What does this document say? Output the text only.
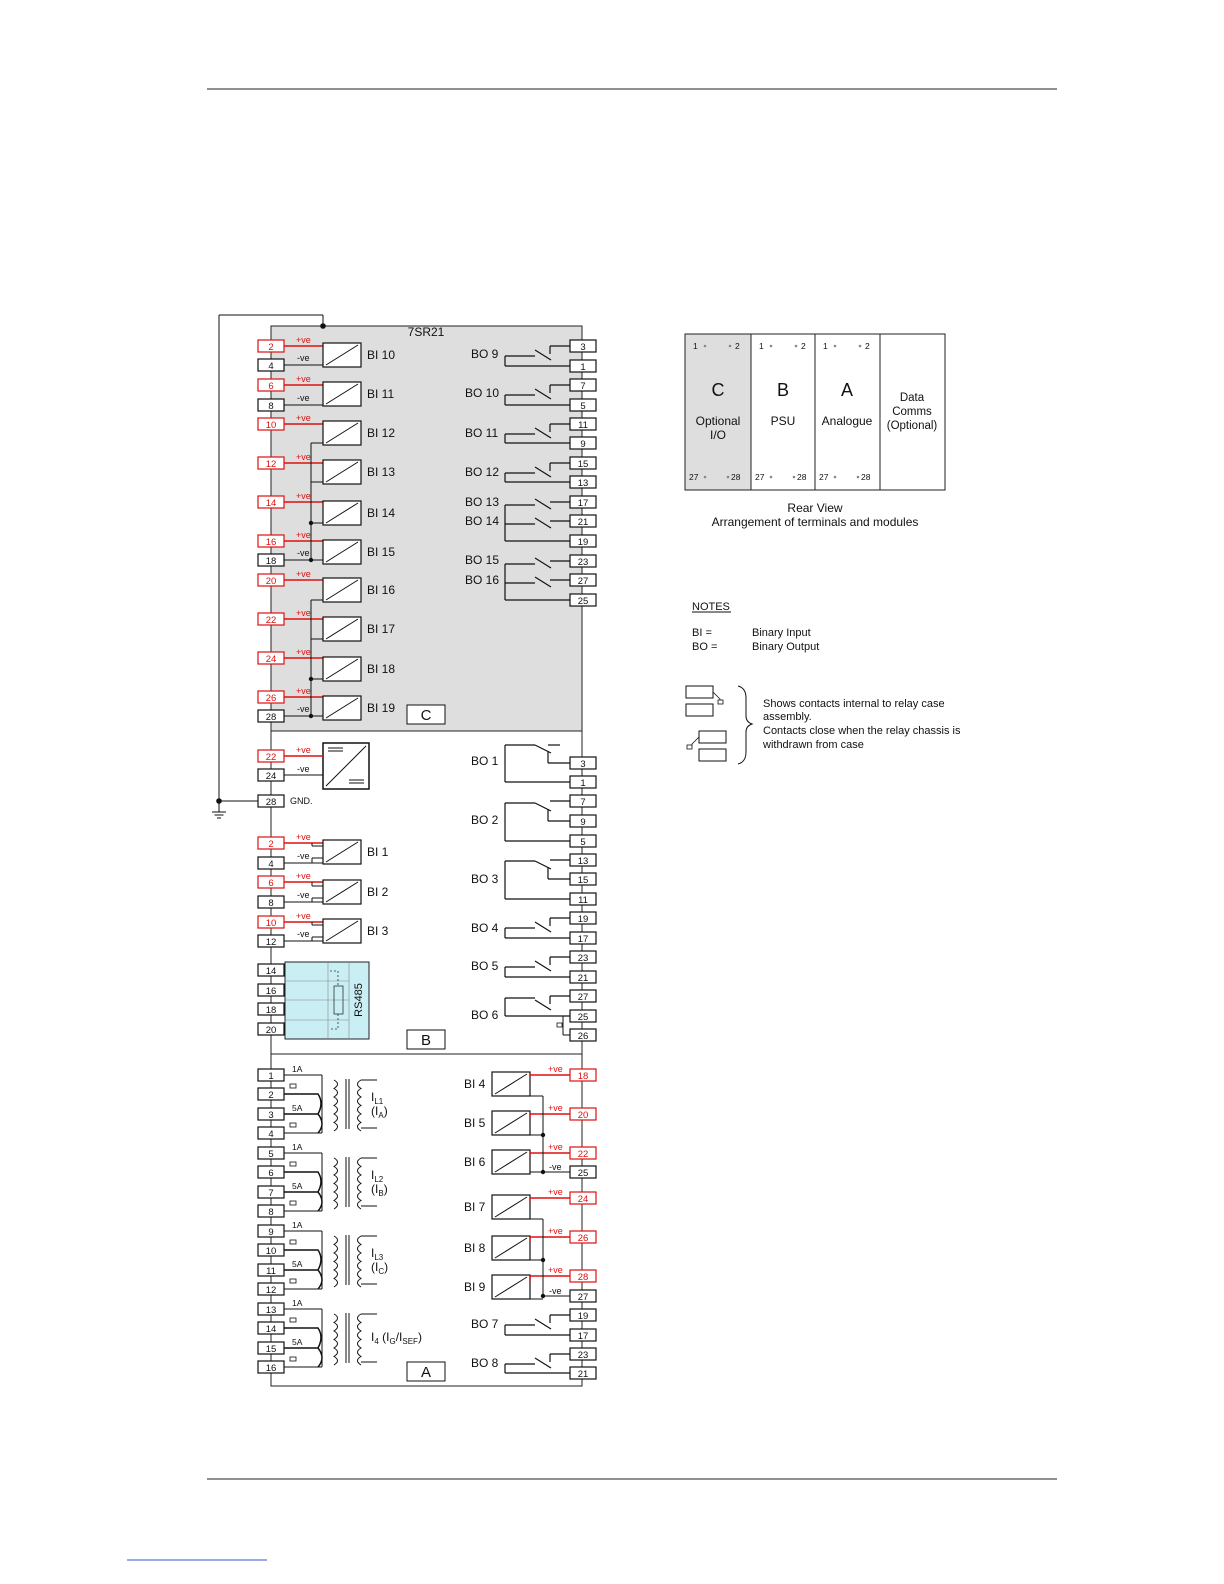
7SR21
2
4
6
8
10
12
14
16
18
20
22
24
26
28
BI 10
BI 11
BI 12
BI 13
BI 14
BI 15
BI 16
BI 17
BI 18
BI 19
+ve
+ve
+ve
+ve
+ve
+ve
+ve
+ve
+ve
+ve
-ve
-ve
-ve
-ve
3
1
7
5
11
9
15
13
17
21
19
23
27
25
BO 9
BO 10
BO 11
BO 12
BO 13
BO 14
BO 15
BO 16
22
24
28
2
4
6
8
10
12
14
16
18
20
+ve
-ve
GND.
+ve
-ve	BI 1
+ve
-ve	BI 2
+ve
-ve	BI 3
3
1
7
9
5
13
15
11
19
17
23
21
27
25
26
BO 1
BO 2
BO 3
BO 4
BO 5
BO 6
1
2
3
4
5
6
7
8
9
10
11
12
13
14
15
16
1A
5A
$I_{L1}$
$(I_A)$
1A
5A
$I_{L2}$
$(I_B)$
1A
5A
$I_{L3}$
$(I_C)$
1A
5A	$I_4$ $(I_G/I_{SEF})$
18
20
22
25
24
26
28
27
19
17
23
21
BI 4
BI 5
BI 6
BI 7
BI 8
BI 9
+ve
+ve
+ve
+ve
+ve
+ve
-ve
-ve
BO 7
BO 8
C
B
A
RS485
C
Optional
I/O
1	2
27	28
B
PSU
1	2
27	28
A
Analogue
1	2
27	28
Data
Comms
(Optional)
Rear View
Arrangement of terminals and modules
NOTES
BI =	Binary Input
BO =	Binary Output
Shows contacts internal to relay case
assembly.
Contacts close when the relay chassis is
withdrawn from case
